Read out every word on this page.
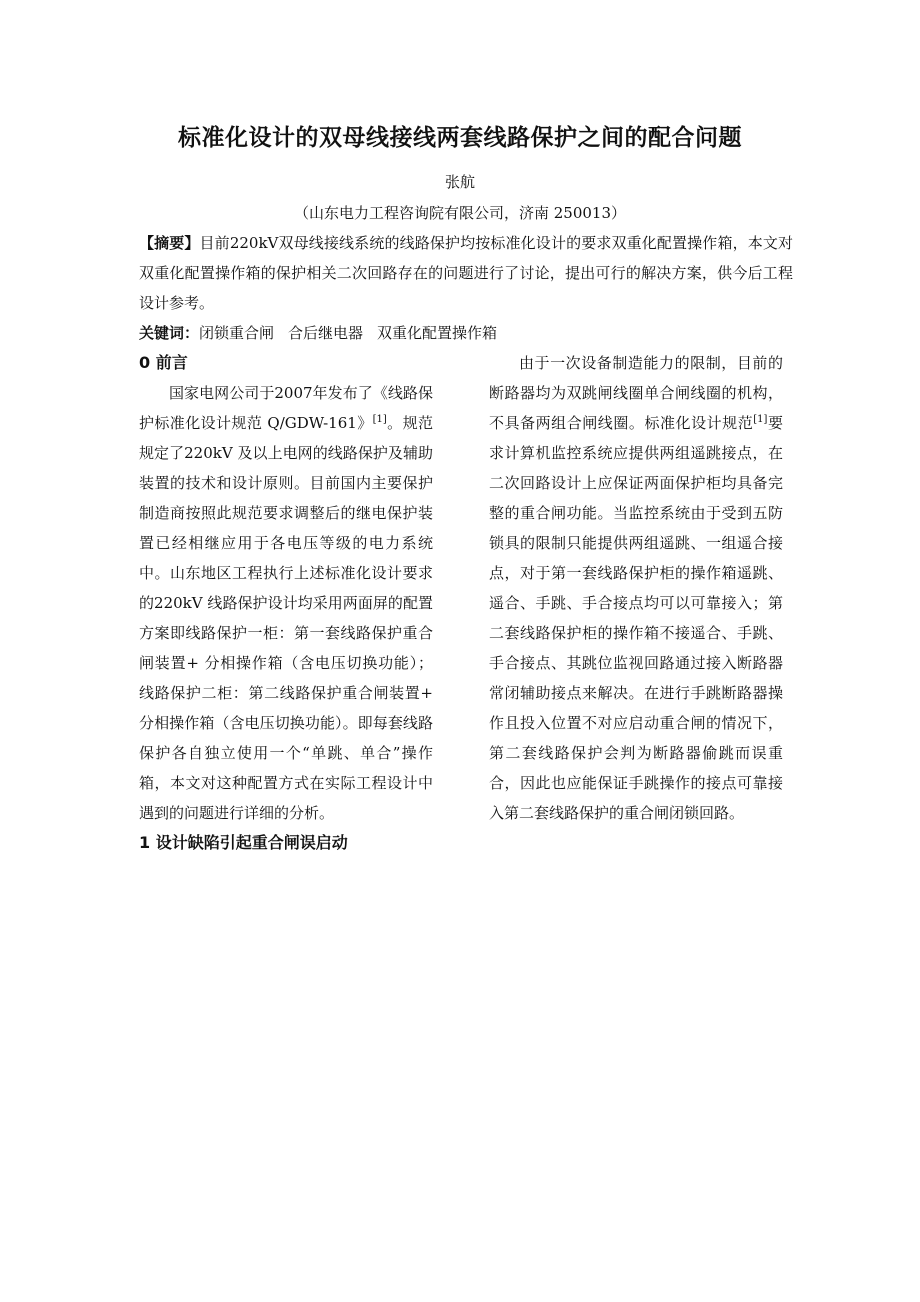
标准化设计的双母线接线两套线路保护之间的配合问题
张航
（山东电力工程咨询院有限公司，济南 250013）
【摘要】目前220kV双母线接线系统的线路保护均按标准化设计的要求双重化配置操作箱，本文对双重化配置操作箱的保护相关二次回路存在的问题进行了讨论，提出可行的解决方案，供今后工程设计参考。
关键词：闭锁重合闸 合后继电器 双重化配置操作箱
0 前言

国家电网公司于2007年发布了《线路保护标准化设计规范 Q/GDW-161》[1]。规范规定了220kV 及以上电网的线路保护及辅助装置的技术和设计原则。目前国内主要保护制造商按照此规范要求调整后的继电保护装置已经相继应用于各电压等级的电力系统中。山东地区工程执行上述标准化设计要求的220kV 线路保护设计均采用两面屏的配置方案即线路保护一柜：第一套线路保护重合闸装置+ 分相操作箱（含电压切换功能）；线路保护二柜：第二线路保护重合闸装置+ 分相操作箱（含电压切换功能）。即每套线路保护各自独立使用一个“单跳、单合”操作箱，本文对这种配置方式在实际工程设计中遇到的问题进行详细的分析。

1 设计缺陷引起重合闸误启动

由于一次设备制造能力的限制，目前的断路器均为双跳闸线圈单合闸线圈的机构，不具备两组合闸线圈。标准化设计规范[1]要求计算机监控系统应提供两组遥跳接点，在二次回路设计上应保证两面保护柜均具备完整的重合闸功能。当监控系统由于受到五防锁具的限制只能提供两组遥跳、一组遥合接点，对于第一套线路保护柜的操作箱遥跳、遥合、手跳、手合接点均可以可靠接入；第二套线路保护柜的操作箱不接遥合、手跳、手合接点、其跳位监视回路通过接入断路器常闭辅助接点来解决。在进行手跳断路器操作且投入位置不对应启动重合闸的情况下，第二套线路保护会判为断路器偷跳而误重合，因此也应能保证手跳操作的接点可靠接入第二套线路保护的重合闸闭锁回路。
